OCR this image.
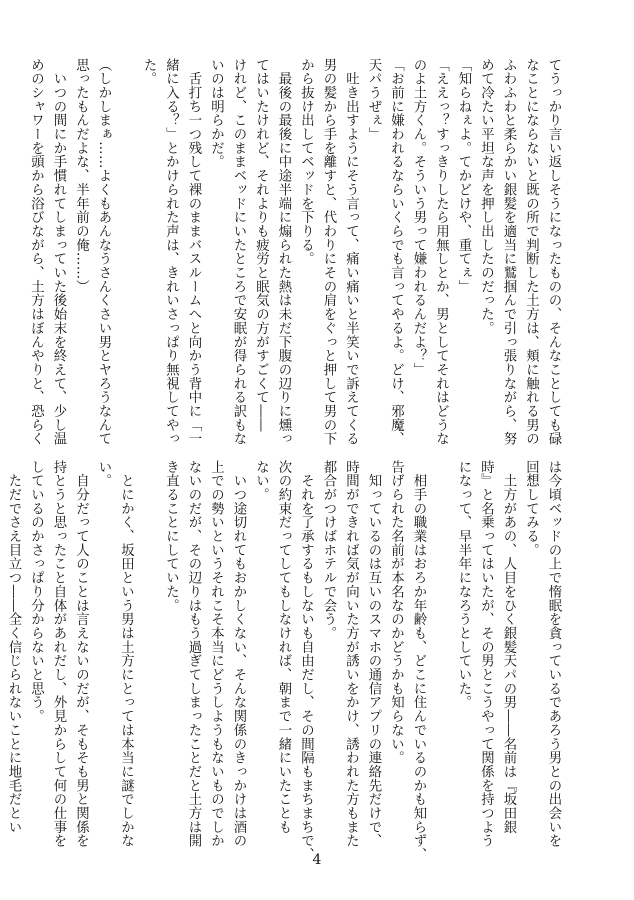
てうっかり言い返しそうになったものの、そんなことしても碌

なことにならないと既の所で判断した土方は、頬に触れる男の

ふわふわと柔らかい銀髪を適当に鷲掴んで引っ張りながら、努

めて冷たい平坦な声を押し出したのだった。

「知らねぇよ。てかどけや、重てぇ」

「ええっ？すっきりしたら用無しとか、男としてそれはどうな

のよ土方くん。そういう男って嫌われるんだよ？」

「お前に嫌われるならいくらでも言ってやるよ。どけ、邪魔、

天パうぜぇ」

　吐き出すようにそう言って、痛い痛いと半笑いで訴えてくる

男の髪から手を離すと、代わりにその肩をぐっと押して男の下

から抜け出してベッドを下りる。

　最後の最後に中途半端に煽られた熱は未だ下腹の辺りに燻っ

てはいたけれど、それよりも疲労と眠気の方がすごくて――

けれど、このままベッドにいたところで安眠が得られる訳もな

いのは明らかだ。

　舌打ち一つ残して裸のままバスルームへと向かう背中に「一

緒に入る？」とかけられた声は、きれいさっぱり無視してやっ

た。

（しかしまぁ……よくもあんなうさんくさい男とヤろうなんて

思ったもんだよな、半年前の俺……）

　いつの間にか手慣れてしまっていた後始末を終えて、少し温

めのシャワーを頭から浴びながら、土方はぼんやりと、恐らく

は今頃ベッドの上で惰眠を貪っているであろう男との出会いを

回想してみる。

　土方があの、人目をひく銀髪天パの男――名前は『坂田銀

時』と名乗ってはいたが、その男とこうやって関係を持つよう

になって、早半年になろうとしていた。

　相手の職業はおろか年齢も、どこに住んでいるのかも知らず、

告げられた名前が本名なのかどうかも知らない。

　知っているのは互いのスマホの通信アプリの連絡先だけで、

時間ができれば気が向いた方が誘いをかけ、誘われた方もまた

都合がつけばホテルで会う。

　それを了承するもしないも自由だし、その間隔もまちまちで、

次の約束だってしてもしなければ、朝まで一緒にいたことも

ない。

　いつ途切れてもおかしくない、そんな関係のきっかけは酒の

上での勢いというそれこそ本当にどうしようもないものでしか

ないのだが、その辺りはもう過ぎてしまったことだと土方は開

き直ることにしていた。

　とにかく、坂田という男は土方にとっては本当に謎でしかな

い。

　自分だって人のことは言えないのだが、そもそも男と関係を

持とうと思ったこと自体があれだし、外見からして何の仕事を

しているのかさっぱり分からないと思う。

　ただでさえ目立つ――全く信じられないことに地毛だとい

4
